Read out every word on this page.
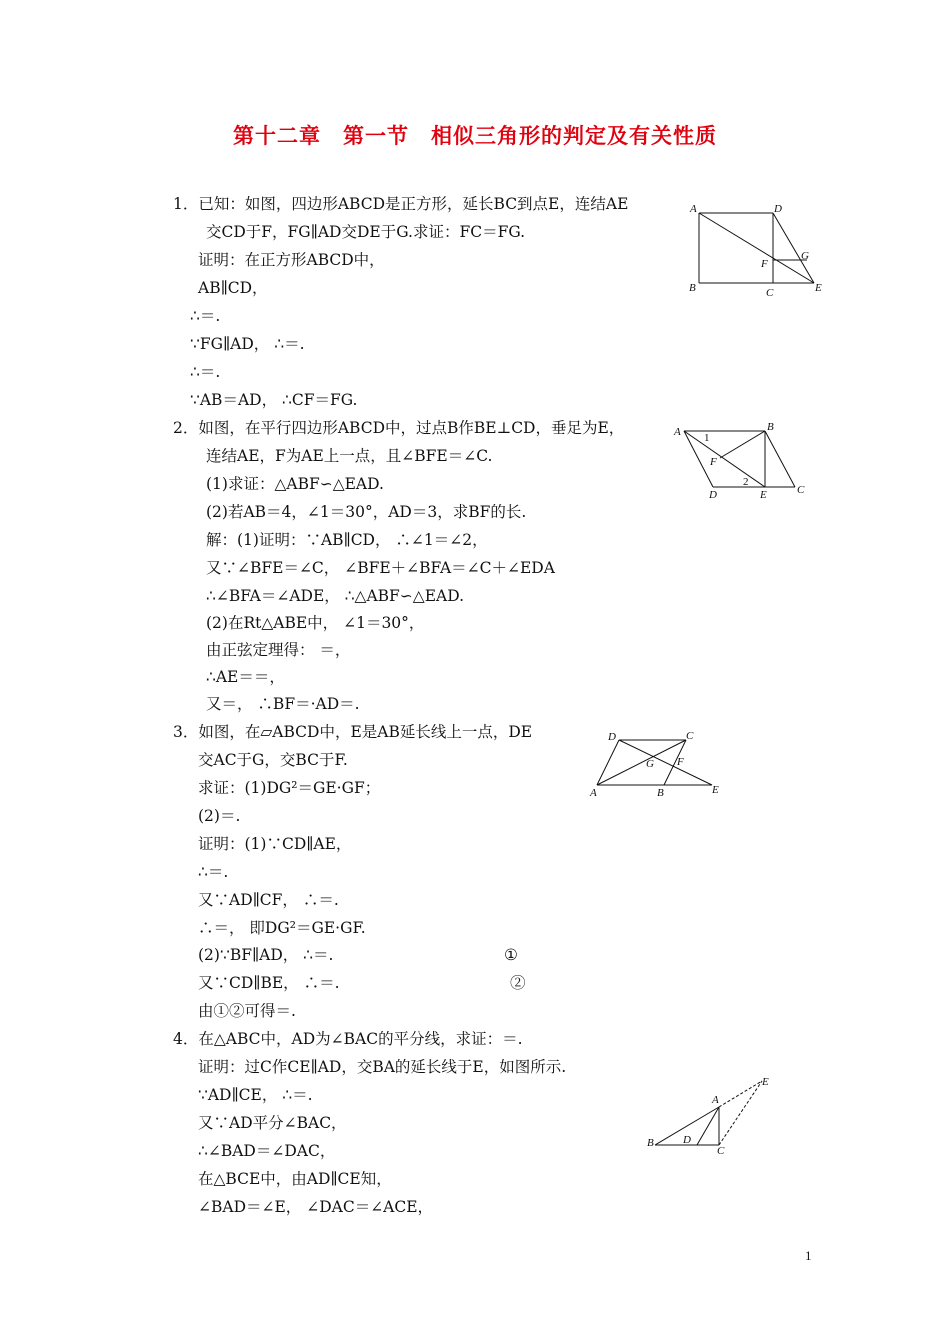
第十二章　第一节　相似三角形的判定及有关性质
1．已知：如图，四边形ABCD是正方形，延长BC到点E，连结AE
交CD于F，FG∥AD交DE于G.求证：FC＝FG.
证明：在正方形ABCD中，
AB∥CD，
∴＝.
∵FG∥AD， ∴＝.
∴＝.
∵AB＝AD， ∴CF＝FG.
2．如图，在平行四边形ABCD中，过点B作BE⊥CD，垂足为E，
连结AE，F为AE上一点，且∠BFE＝∠C.
(1)求证：△ABF∽△EAD.
(2)若AB＝4，∠1＝30°，AD＝3，求BF的长.
解：(1)证明：∵AB∥CD， ∴∠1＝∠2，
又∵∠BFE＝∠C， ∠BFE＋∠BFA＝∠C＋∠EDA
∴∠BFA＝∠ADE， ∴△ABF∽△EAD.
(2)在Rt△ABE中， ∠1＝30°，
由正弦定理得： ＝，
∴AE＝＝，
又＝， ∴BF＝·AD＝.
3．如图，在▱ABCD中，E是AB延长线上一点，DE
交AC于G，交BC于F.
求证：(1)DG²＝GE·GF；
(2)＝.
证明：(1)∵CD∥AE，
∴＝.
又∵AD∥CF， ∴＝.
∴＝， 即DG²＝GE·GF.
(2)∵BF∥AD， ∴＝.　　　　　　　　　　　①
又∵CD∥BE， ∴＝.　　　　　　　　　　　②
由①②可得＝.
4．在△ABC中，AD为∠BAC的平分线，求证：＝.
证明：过C作CE∥AD，交BA的延长线于E，如图所示.
∵AD∥CE， ∴＝.
又∵AD平分∠BAC，
∴∠BAD＝∠DAC，
在△BCE中，由AD∥CE知，
∠BAD＝∠E， ∠DAC＝∠ACE，
A	D
B	C	E
F
G
A	B
C
D	E
F
1
2
D	C
A	B	E
G F
E
A
B	D
C
1
